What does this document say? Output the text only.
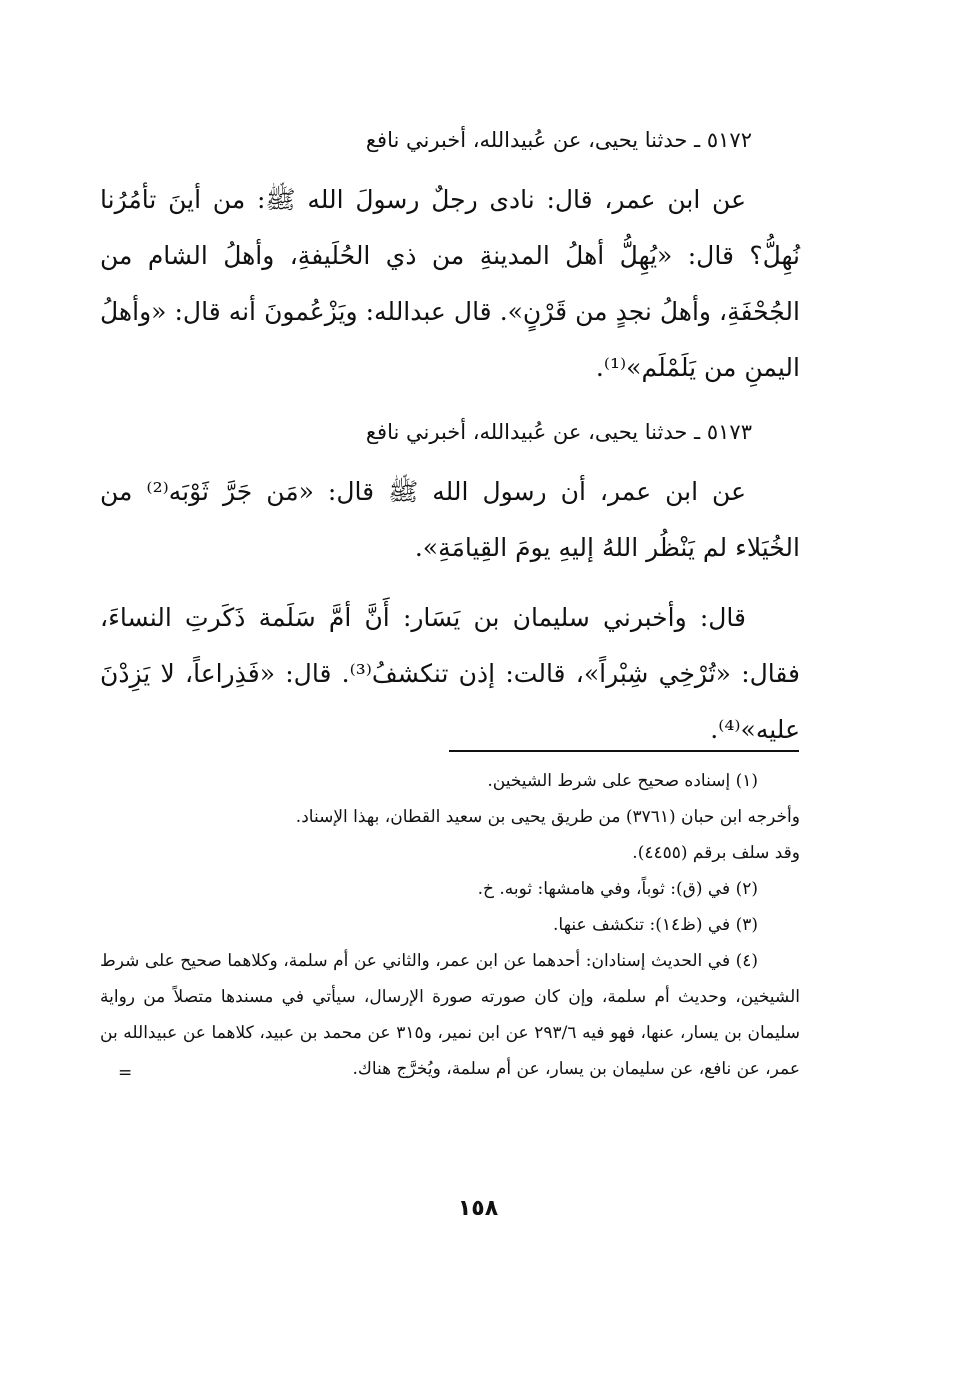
٥١٧٢ ـ حدثنا يحيى، عن عُبيدالله، أخبرني نافع

عن ابن عمر، قال: نادى رجلٌ رسولَ الله ﷺ: من أينَ تأمُرُنا نُهِلُّ؟ قال: «يُهِلُّ أهلُ المدينةِ من ذي الحُلَيفةِ، وأهلُ الشام من الجُحْفَةِ، وأهلُ نجدٍ من قَرْنٍ». قال عبدالله: ويَزْعُمونَ أنه قال: «وأهلُ اليمنِ من يَلَمْلَم»⁽¹⁾.

٥١٧٣ ـ حدثنا يحيى، عن عُبيدالله، أخبرني نافع

عن ابن عمر، أن رسول الله ﷺ قال: «مَن جَرَّ ثَوْبَه⁽²⁾ من الخُيَلاء لم يَنْظُر اللهُ إليهِ يومَ القِيامَةِ».

قال: وأخبرني سليمان بن يَسَار: أَنَّ أمَّ سَلَمة ذَكَرتِ النساءَ، فقال: «تُرْخِي شِبْراً»، قالت: إذن تنكشفُ⁽³⁾. قال: «فَذِراعاً، لا يَزِدْنَ عليه»⁽⁴⁾.

(١) إسناده صحيح على شرط الشيخين.

وأخرجه ابن حبان (٣٧٦١) من طريق يحيى بن سعيد القطان، بهذا الإسناد.

وقد سلف برقم (٤٤٥٥).

(٢) في (ق): ثوباً، وفي هامشها: ثوبه. خ.

(٣) في (ظ١٤): تنكشف عنها.

(٤) في الحديث إسنادان: أحدهما عن ابن عمر، والثاني عن أم سلمة، وكلاهما صحيح على شرط الشيخين، وحديث أم سلمة، وإن كان صورته صورة الإرسال، سيأتي في مسندها متصلاً من رواية سليمان بن يسار، عنها، فهو فيه ٢٩٣/٦ عن ابن نمير، و٣١٥ عن محمد بن عبيد، كلاهما عن عبيدالله بن عمر، عن نافع، عن سليمان بن يسار، عن أم سلمة، ويُخرَّج هناك.

=
١٥٨
